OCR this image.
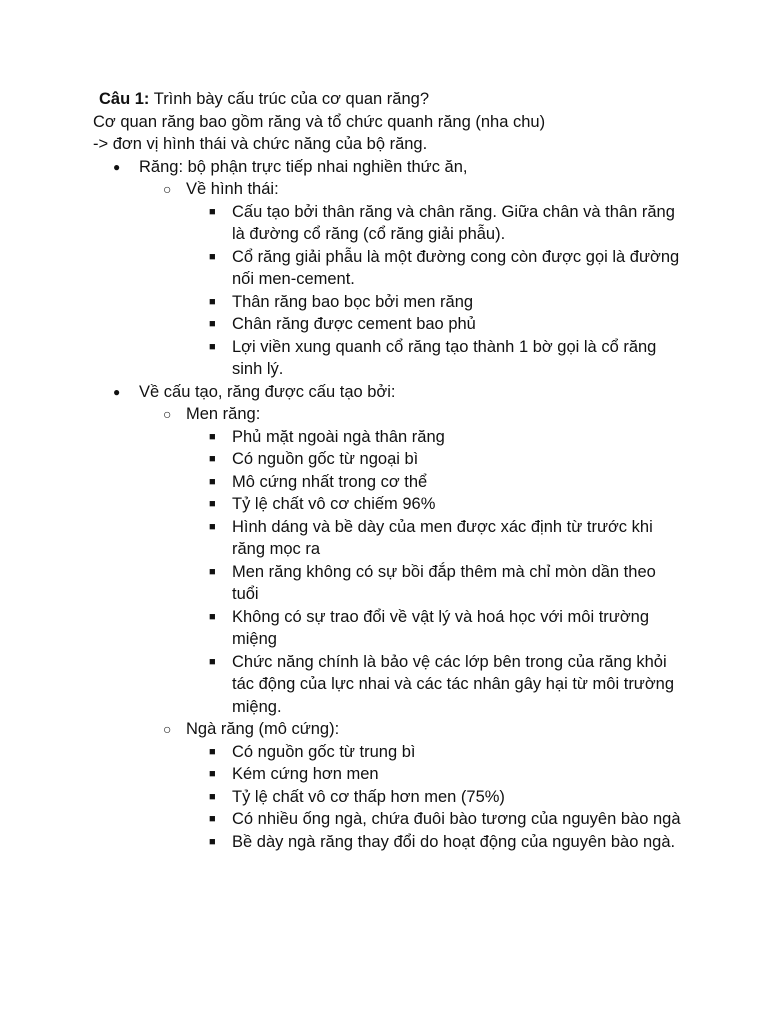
Câu 1: Trình bày cấu trúc của cơ quan răng?
Cơ quan răng bao gồm răng và tổ chức quanh răng (nha chu)
-> đơn vị hình thái và chức năng của bộ răng.
● Răng: bộ phận trực tiếp nhai nghiền thức ăn,
○ Về hình thái:
■ Cấu tạo bởi thân răng và chân răng. Giữa chân và thân răng là đường cổ răng (cổ răng giải phẫu).
■ Cổ răng giải phẫu là một đường cong còn được gọi là đường nối men-cement.
■ Thân răng bao bọc bởi men răng
■ Chân răng được cement bao phủ
■ Lợi viền xung quanh cổ răng tạo thành 1 bờ gọi là cổ răng sinh lý.
● Về cấu tạo, răng được cấu tạo bởi:
○ Men răng:
■ Phủ mặt ngoài ngà thân răng
■ Có nguồn gốc từ ngoại bì
■ Mô cứng nhất trong cơ thể
■ Tỷ lệ chất vô cơ chiếm 96%
■ Hình dáng và bề dày của men được xác định từ trước khi răng mọc ra
■ Men răng không có sự bồi đắp thêm mà chỉ mòn dần theo tuổi
■ Không có sự trao đổi về vật lý và hoá học với môi trường miệng
■ Chức năng chính là bảo vệ các lớp bên trong của răng khỏi tác động của lực nhai và các tác nhân gây hại từ môi trường miệng.
○ Ngà răng (mô cứng):
■ Có nguồn gốc từ trung bì
■ Kém cứng hơn men
■ Tỷ lệ chất vô cơ thấp hơn men (75%)
■ Có nhiều ống ngà, chứa đuôi bào tương của nguyên bào ngà
■ Bề dày ngà răng thay đổi do hoạt động của nguyên bào ngà.
